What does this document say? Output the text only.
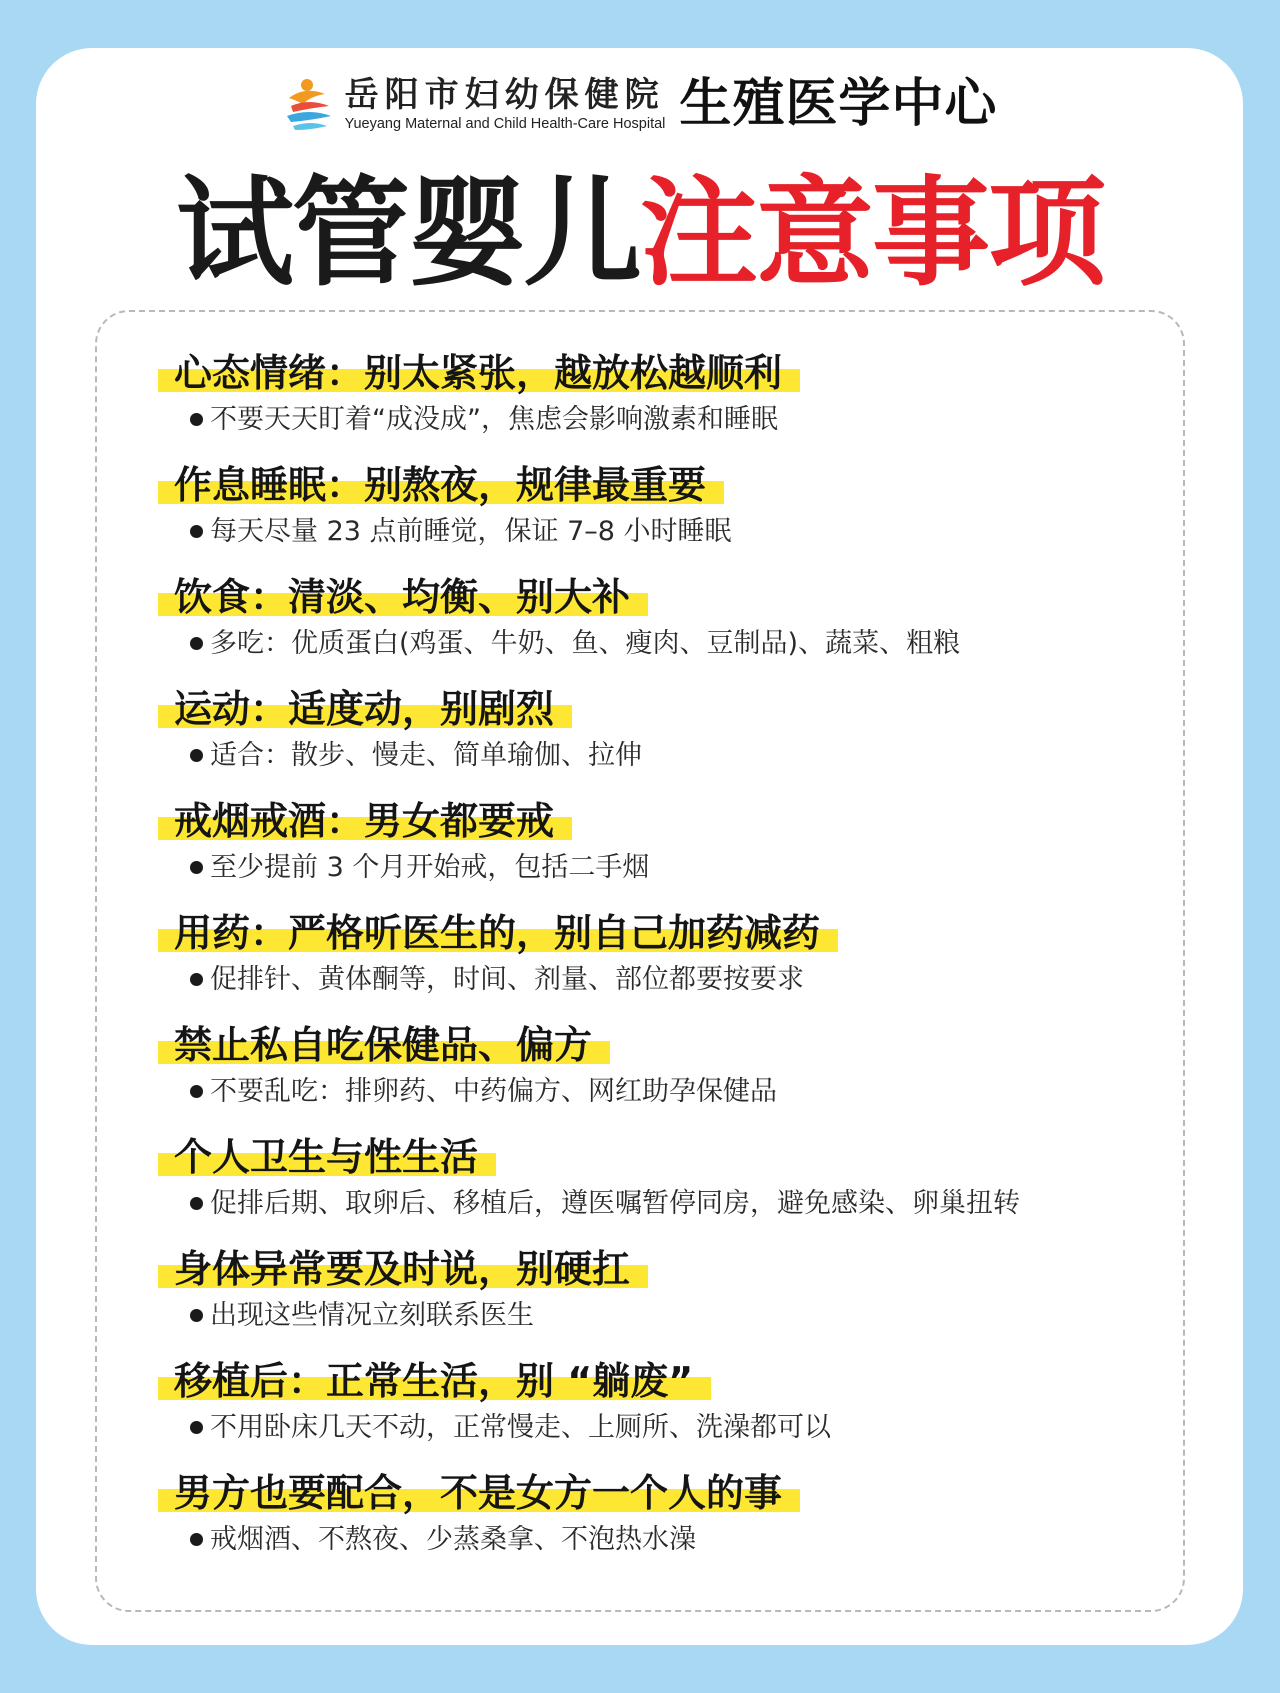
岳阳市妇幼保健院
Yueyang Maternal and Child Health-Care Hospital 生殖医学中心
试管婴儿注意事项
心态情绪：别太紧张，越放松越顺利
不要天天盯着“成没成”，焦虑会影响激素和睡眠
作息睡眠：别熬夜，规律最重要
每天尽量 23 点前睡觉，保证 7–8 小时睡眠
饮食：清淡、均衡、别大补
多吃：优质蛋白(鸡蛋、牛奶、鱼、瘦肉、豆制品)、蔬菜、粗粮
运动：适度动，别剧烈
适合：散步、慢走、简单瑜伽、拉伸
戒烟戒酒：男女都要戒
至少提前 3 个月开始戒，包括二手烟
用药：严格听医生的，别自己加药减药
促排针、黄体酮等，时间、剂量、部位都要按要求
禁止私自吃保健品、偏方
不要乱吃：排卵药、中药偏方、网红助孕保健品
个人卫生与性生活
促排后期、取卵后、移植后，遵医嘱暂停同房，避免感染、卵巢扭转
身体异常要及时说，别硬扛
出现这些情况立刻联系医生
移植后：正常生活，别 “躺废”
不用卧床几天不动，正常慢走、上厕所、洗澡都可以
男方也要配合，不是女方一个人的事
戒烟酒、不熬夜、少蒸桑拿、不泡热水澡
